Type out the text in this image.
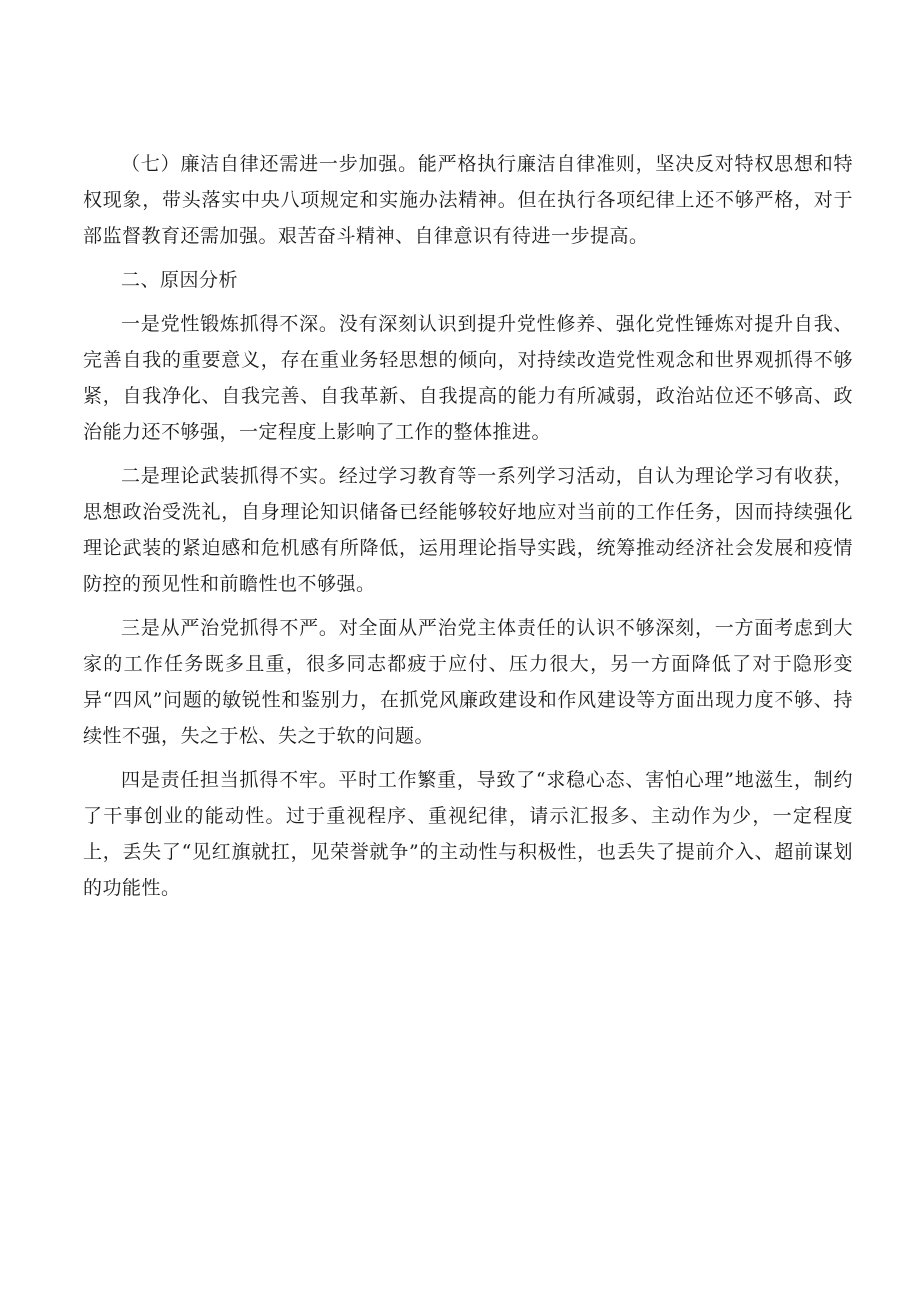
（七）廉洁自律还需进一步加强。能严格执行廉洁自律准则，坚决反对特权思想和特权现象，带头落实中央八项规定和实施办法精神。但在执行各项纪律上还不够严格，对于部监督教育还需加强。艰苦奋斗精神、自律意识有待进一步提高。

二、原因分析

一是党性锻炼抓得不深。没有深刻认识到提升党性修养、强化党性锤炼对提升自我、完善自我的重要意义，存在重业务轻思想的倾向，对持续改造党性观念和世界观抓得不够紧，自我净化、自我完善、自我革新、自我提高的能力有所减弱，政治站位还不够高、政治能力还不够强，一定程度上影响了工作的整体推进。

二是理论武装抓得不实。经过学习教育等一系列学习活动，自认为理论学习有收获，思想政治受洗礼，自身理论知识储备已经能够较好地应对当前的工作任务，因而持续强化理论武装的紧迫感和危机感有所降低，运用理论指导实践，统筹推动经济社会发展和疫情防控的预见性和前瞻性也不够强。

三是从严治党抓得不严。对全面从严治党主体责任的认识不够深刻，一方面考虑到大家的工作任务既多且重，很多同志都疲于应付、压力很大，另一方面降低了对于隐形变异“四风”问题的敏锐性和鉴别力，在抓党风廉政建设和作风建设等方面出现力度不够、持续性不强，失之于松、失之于软的问题。

四是责任担当抓得不牢。平时工作繁重，导致了“求稳心态、害怕心理”地滋生，制约了干事创业的能动性。过于重视程序、重视纪律，请示汇报多、主动作为少，一定程度上，丢失了“见红旗就扛，见荣誉就争”的主动性与积极性，也丢失了提前介入、超前谋划的功能性。
